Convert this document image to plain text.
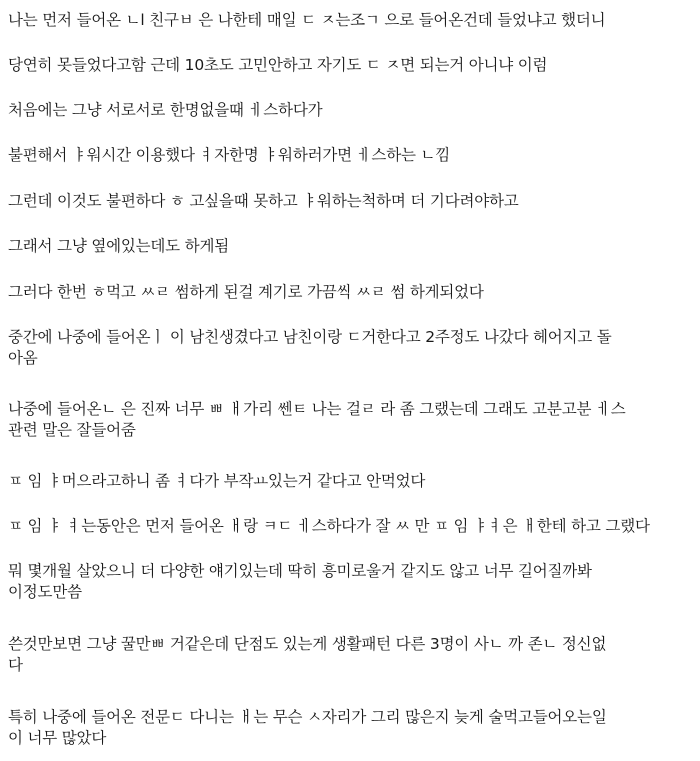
나는 먼저 들어온 ㄴl 친구ㅂ 은 나한테 매일 ㄷ ㅈ는조ㄱ 으로 들어온건데 들었냐고 했더니

당연히 못들었다고함 근데 10초도 고민안하고 자기도 ㄷ ㅈ면 되는거 아니냐 이럼

처음에는 그냥 서로서로 한명없을때 ㅔ스하다가

불편해서 ㅑ워시간 이용했다 ㅕ자한명 ㅑ워하러가면 ㅔ스하는 ㄴ낌

그런데 이것도 불편하다 ㅎ 고싶을때 못하고 ㅑ워하는척하며 더 기다려야하고

그래서 그냥 옆에있는데도 하게됨

그러다 한번 ㅎ먹고 ㅆㄹ 썸하게 된걸 계기로 가끔씩 ㅆㄹ 썸 하게되었다

중간에 나중에 들어온ㅣ 이 남친생겼다고 남친이랑 ㄷ거한다고 2주정도 나갔다 헤어지고 돌
아옴

나중에 들어온ㄴ 은 진짜 너무 ㅃ ㅐ가리 쎈ㅌ 나는 걸ㄹ 라 좀 그랬는데 그래도 고분고분 ㅔ스
관련 말은 잘들어줌

ㅍ 임 ㅑ머으라고하니 좀 ㅕ다가 부작ㅛ있는거 같다고 안먹었다

ㅍ 임 ㅑ ㅕ는동안은 먼저 들어온 ㅐ랑 ㅋㄷ ㅔ스하다가 잘 ㅆ 만 ㅍ 임 ㅑㅕ은 ㅐ한테 하고 그랬다

뭐 몇개월 살았으니 더 다양한 얘기있는데 딱히 흥미로울거 같지도 않고 너무 길어질까봐
이정도만씀

쓴것만보면 그냥 꿀만ㅃ 거같은데 단점도 있는게 생활패턴 다른 3명이 사ㄴ 까 존ㄴ 정신없
다

특히 나중에 들어온 전문ㄷ 다니는 ㅐ는 무슨 ㅅ자리가 그리 많은지 늦게 술먹고들어오는일
이 너무 많았다
